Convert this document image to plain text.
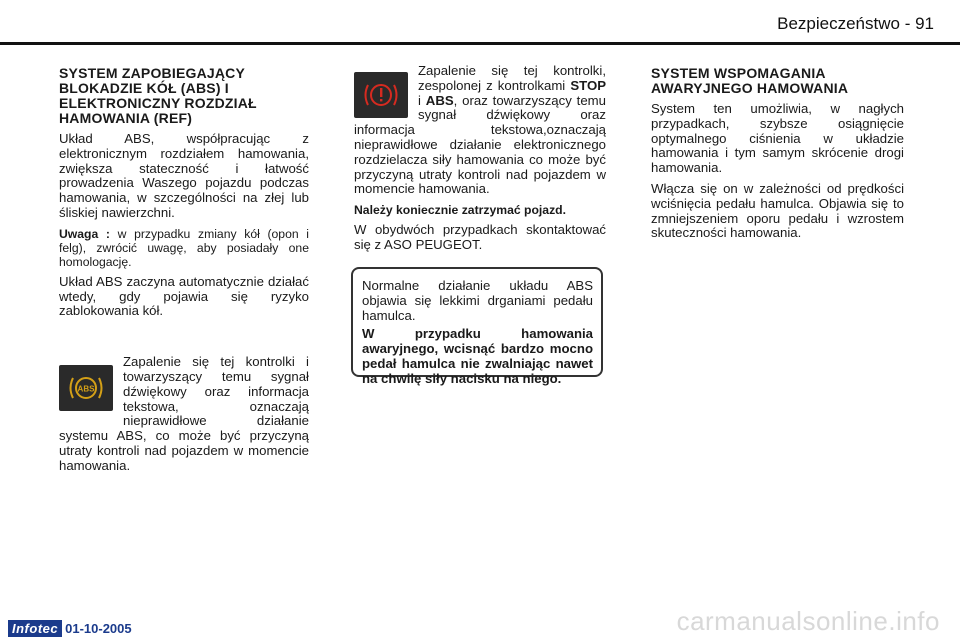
Bezpieczeństwo - 91
SYSTEM ZAPOBIEGAJĄCY BLOKADZIE KÓŁ (ABS) I ELEKTRONICZNY ROZDZIAŁ HAMOWANIA (REF)

Układ ABS, współpracując z elektronicznym rozdziałem hamowania, zwiększa stateczność i łatwość prowadzenia Waszego pojazdu podczas hamowania, w szczególności na złej lub śliskiej nawierzchni.

Uwaga : w przypadku zmiany kół (opon i felg), zwrócić uwagę, aby posiadały one homologację.

Układ ABS zaczyna automatycznie działać wtedy, gdy pojawia się ryzyko zablokowania kół.

ABS
Zapalenie się tej kontrolki i towarzyszący temu sygnał dźwiękowy oraz informacja tekstowa, oznaczają nieprawidłowe działanie systemu ABS, co może być przyczyną utraty kontroli nad pojazdem w momencie hamowania.

Zapalenie się tej kontrolki, zespolonej z kontrolkami STOP i ABS, oraz towarzyszący temu sygnał dźwiękowy oraz informacja tekstowa,oznaczają nieprawidłowe działanie elektronicznego rozdzielacza siły hamowania co może być przyczyną utraty kontroli nad pojazdem w momencie hamowania.

Należy koniecznie zatrzymać pojazd.

W obydwóch przypadkach skontaktować się z ASO PEUGEOT.

Normalne działanie układu ABS objawia się lekkimi drganiami pedału hamulca.

W przypadku hamowania awaryjnego, wcisnąć bardzo mocno pedał hamulca nie zwalniając nawet na chwilę siły nacisku na niego.

SYSTEM WSPOMAGANIA AWARYJNEGO HAMOWANIA

System ten umożliwia, w nagłych przypadkach, szybsze osiągnięcie optymalnego ciśnienia w układzie hamowania i tym samym skrócenie drogi hamowania.

Włącza się on w zależności od prędkości wciśnięcia pedału hamulca. Objawia się to zmniejszeniem oporu pedału i wzrostem skuteczności hamowania.

Infotec 01-10-2005	carmanualsonline.info
